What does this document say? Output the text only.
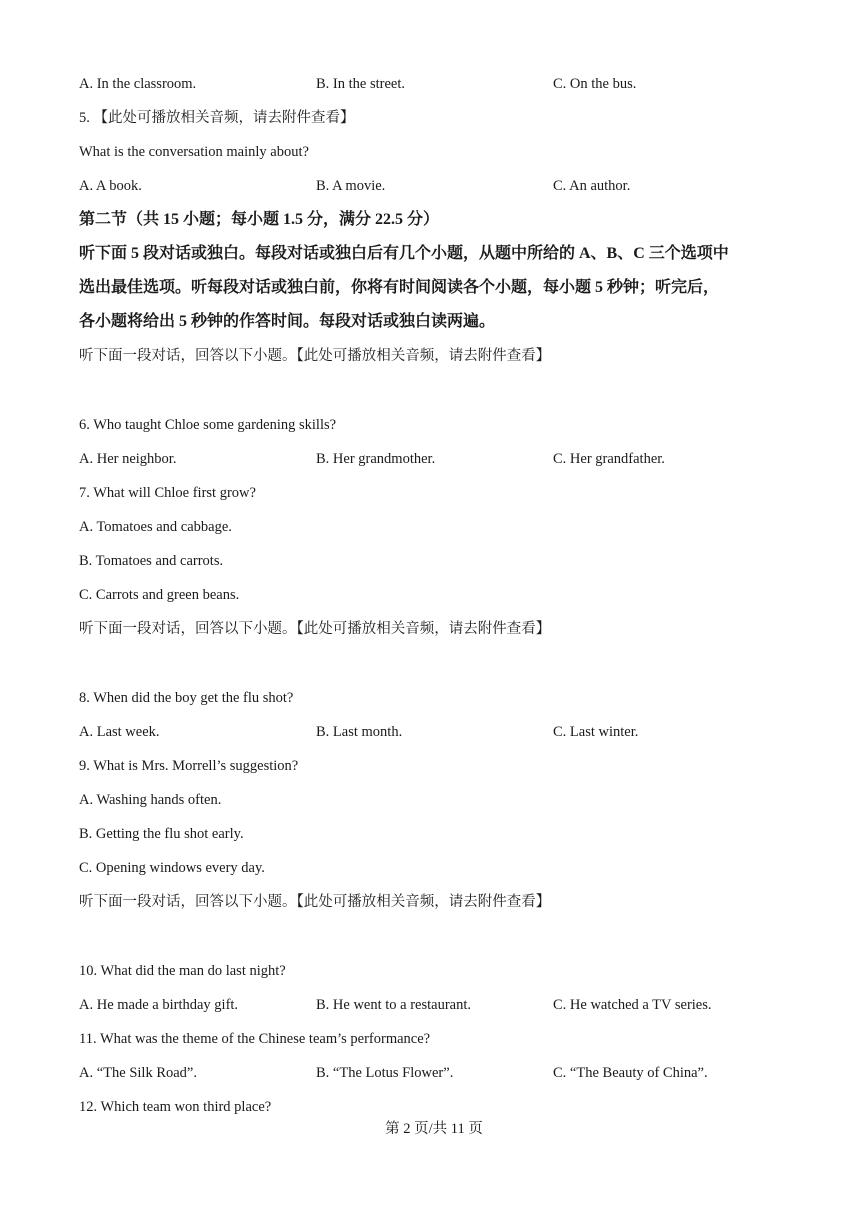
A. In the classroom.	B. In the street.	C. On the bus.
5. 【此处可播放相关音频，请去附件查看】
What is the conversation mainly about?
A. A book.	B. A movie.	C. An author.
第二节（共 15 小题；每小题 1.5 分，满分 22.5 分）
听下面 5 段对话或独白。每段对话或独白后有几个小题，从题中所给的 A、B、C 三个选项中
选出最佳选项。听每段对话或独白前，你将有时间阅读各个小题，每小题 5 秒钟；听完后，
各小题将给出 5 秒钟的作答时间。每段对话或独白读两遍。
听下面一段对话，回答以下小题。【此处可播放相关音频，请去附件查看】
6. Who taught Chloe some gardening skills?
A. Her neighbor.	B. Her grandmother.	C. Her grandfather.
7. What will Chloe first grow?
A. Tomatoes and cabbage.
B. Tomatoes and carrots.
C. Carrots and green beans.
听下面一段对话，回答以下小题。【此处可播放相关音频，请去附件查看】
8. When did the boy get the flu shot?
A. Last week.	B. Last month.	C. Last winter.
9. What is Mrs. Morrell’s suggestion?
A. Washing hands often.
B. Getting the flu shot early.
C. Opening windows every day.
听下面一段对话，回答以下小题。【此处可播放相关音频，请去附件查看】
10. What did the man do last night?
A. He made a birthday gift.	B. He went to a restaurant.	C. He watched a TV series.
11. What was the theme of the Chinese team’s performance?
A. “The Silk Road”.	B. “The Lotus Flower”.	C. “The Beauty of China”.
12. Which team won third place?
第 2 页/共 11 页
